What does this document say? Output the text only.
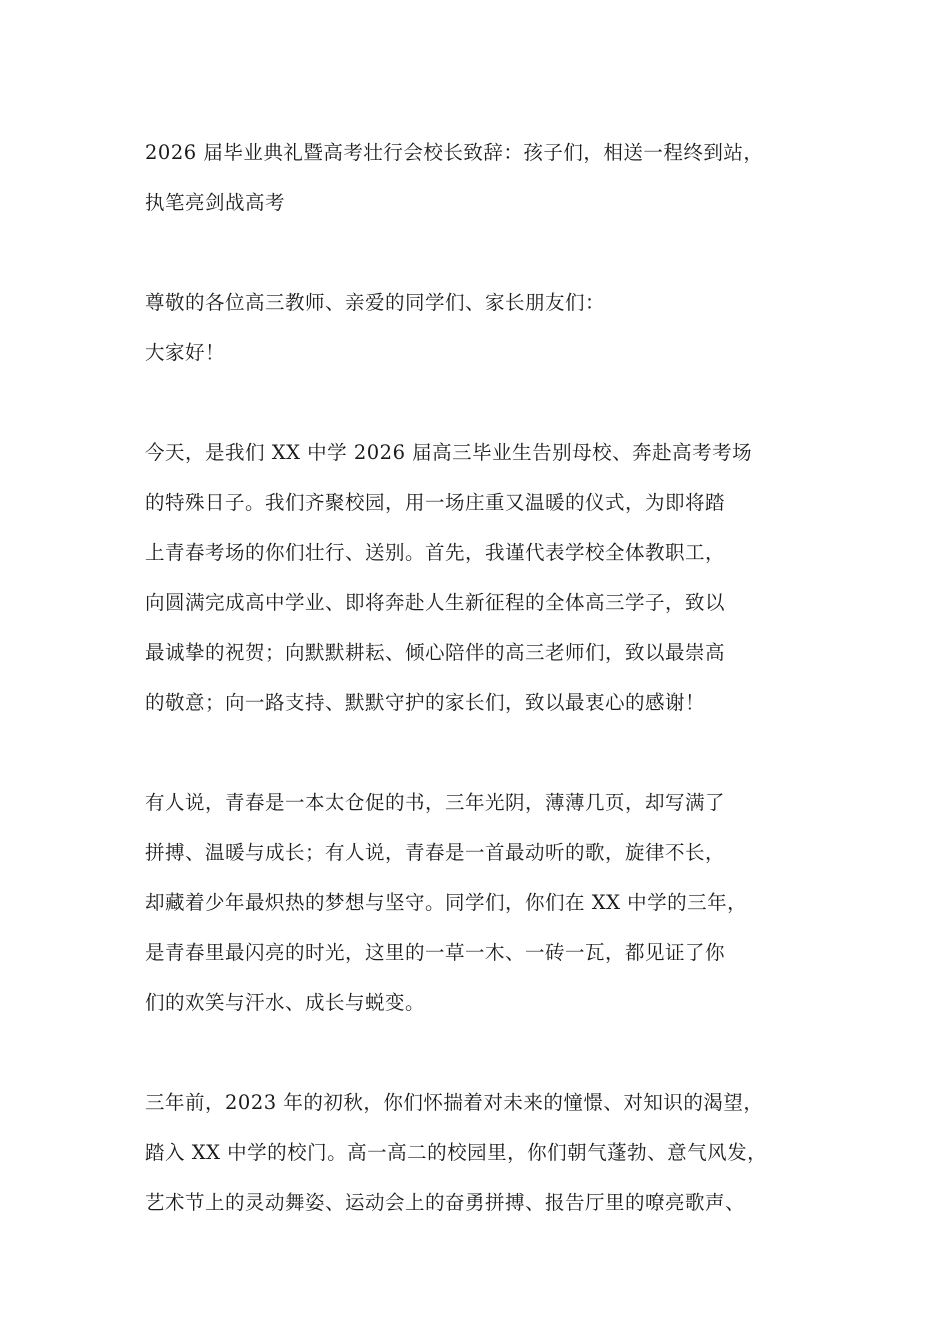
2026 届毕业典礼暨高考壮行会校长致辞：孩子们，相送一程终到站，
执笔亮剑战高考
尊敬的各位高三教师、亲爱的同学们、家长朋友们：
大家好！
今天，是我们 XX 中学 2026 届高三毕业生告别母校、奔赴高考考场
的特殊日子。我们齐聚校园，用一场庄重又温暖的仪式，为即将踏
上青春考场的你们壮行、送别。首先，我谨代表学校全体教职工，
向圆满完成高中学业、即将奔赴人生新征程的全体高三学子，致以
最诚挚的祝贺；向默默耕耘、倾心陪伴的高三老师们，致以最崇高
的敬意；向一路支持、默默守护的家长们，致以最衷心的感谢！
有人说，青春是一本太仓促的书，三年光阴，薄薄几页，却写满了
拼搏、温暖与成长；有人说，青春是一首最动听的歌，旋律不长，
却藏着少年最炽热的梦想与坚守。同学们，你们在 XX 中学的三年，
是青春里最闪亮的时光，这里的一草一木、一砖一瓦，都见证了你
们的欢笑与汗水、成长与蜕变。
三年前，2023 年的初秋，你们怀揣着对未来的憧憬、对知识的渴望，
踏入 XX 中学的校门。高一高二的校园里，你们朝气蓬勃、意气风发，
艺术节上的灵动舞姿、运动会上的奋勇拼搏、报告厅里的嘹亮歌声、
